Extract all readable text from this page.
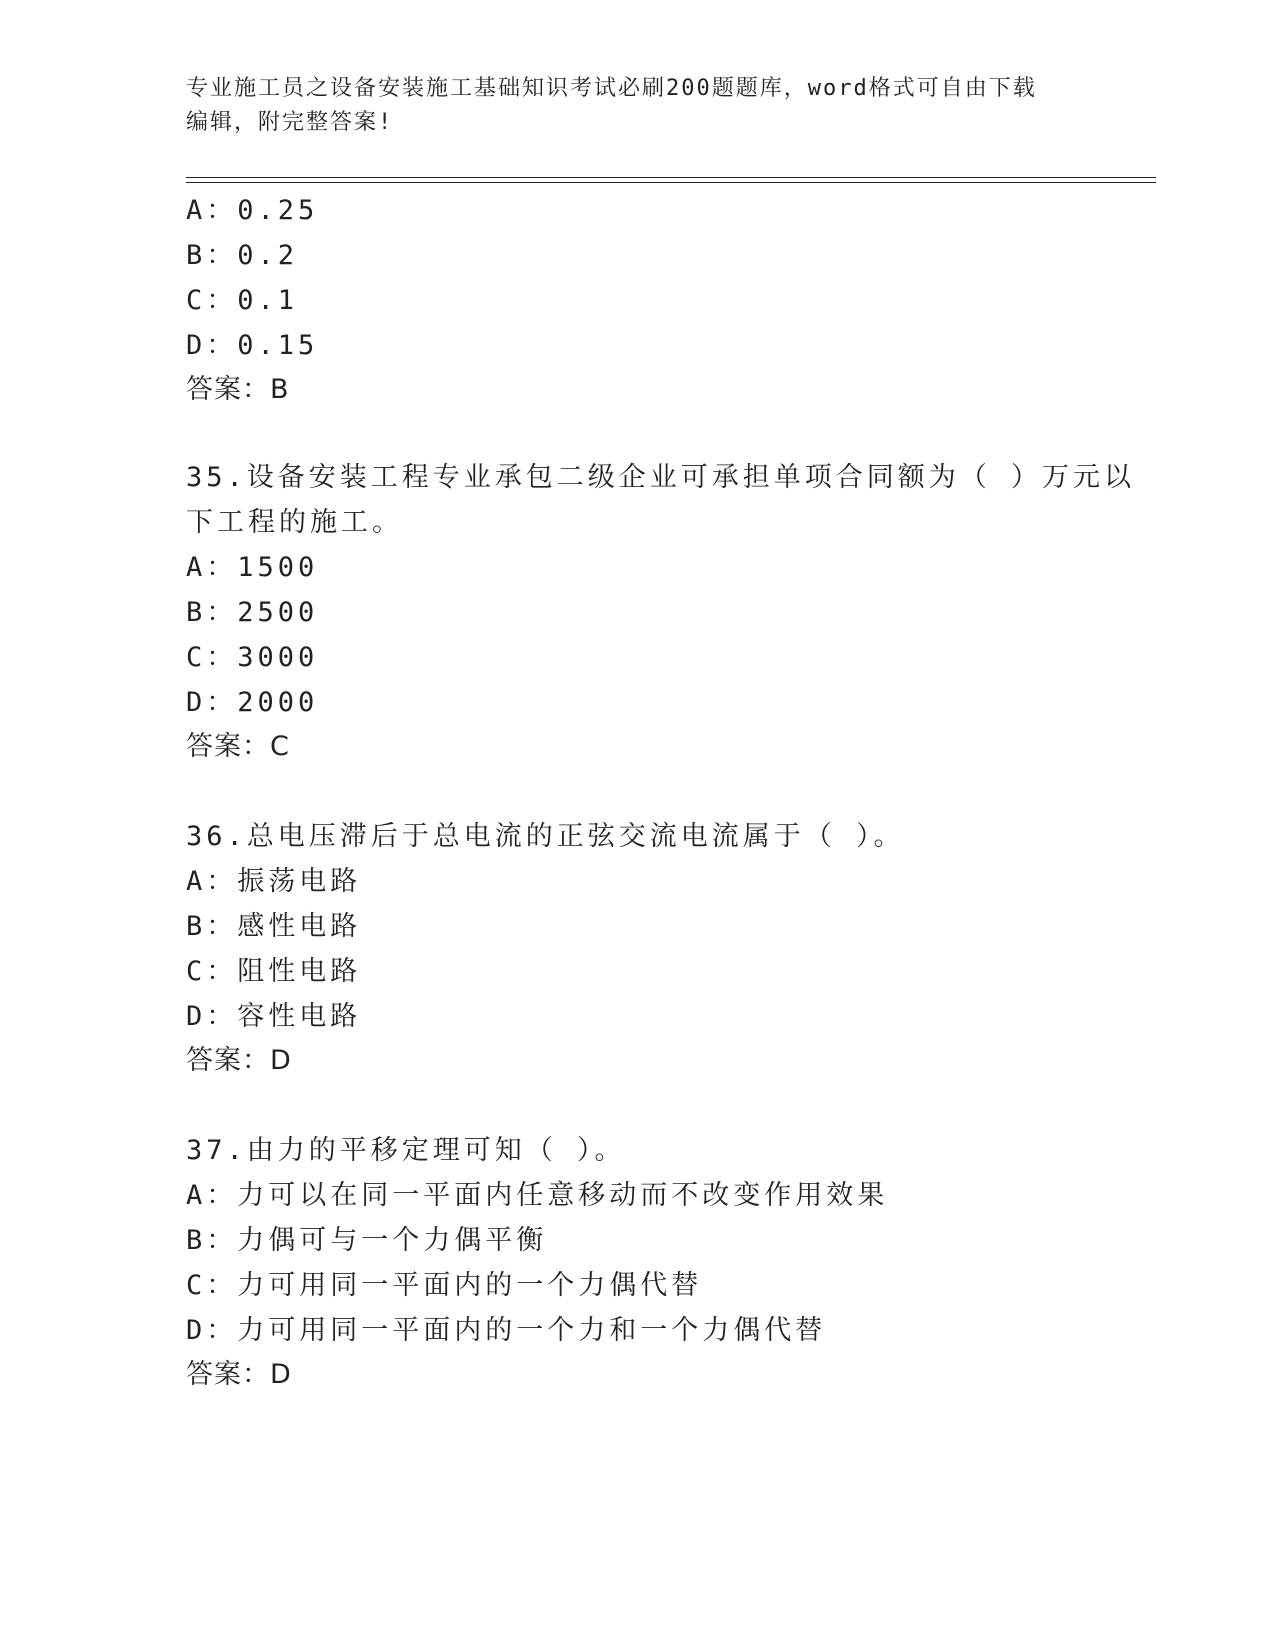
专业施工员之设备安装施工基础知识考试必刷200题题库，word格式可自由下载
编辑，附完整答案!
A：0.25
B：0.2
C：0.1
D：0.15
答案：B
35.设备安装工程专业承包二级企业可承担单项合同额为（ ）万元以
下工程的施工。
A：1500
B：2500
C：3000
D：2000
答案：C
36.总电压滞后于总电流的正弦交流电流属于（ ）。
A：振荡电路
B：感性电路
C：阻性电路
D：容性电路
答案：D
37.由力的平移定理可知（ ）。
A：力可以在同一平面内任意移动而不改变作用效果
B：力偶可与一个力偶平衡
C：力可用同一平面内的一个力偶代替
D：力可用同一平面内的一个力和一个力偶代替
答案：D
